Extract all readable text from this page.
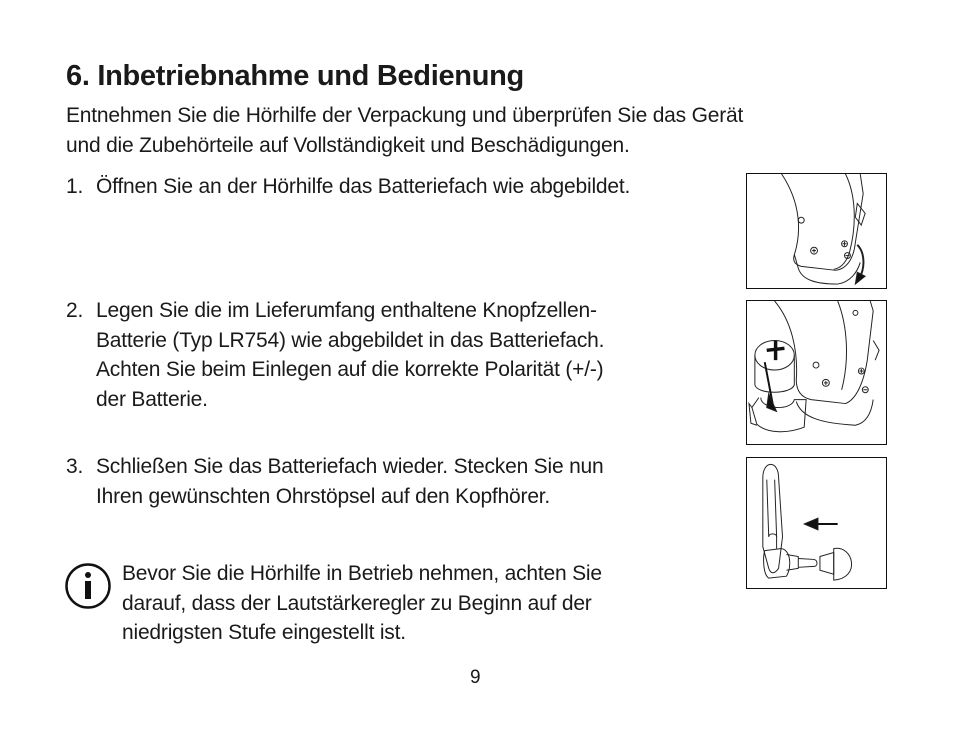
6. Inbetriebnahme und Bedienung
Entnehmen Sie die Hörhilfe der Verpackung und überprüfen Sie das Gerät
und die Zubehörteile auf Vollständigkeit und Beschädigungen.
1. Öffnen Sie an der Hörhilfe das Batteriefach wie abgebildet.
2. Legen Sie die im Lieferumfang enthaltene Knopfzellen-
Batterie (Typ LR754) wie abgebildet in das Batteriefach.
Achten Sie beim Einlegen auf die korrekte Polarität (+/-)
der Batterie.
3. Schließen Sie das Batteriefach wieder. Stecken Sie nun
Ihren gewünschten Ohrstöpsel auf den Kopfhörer.
Bevor Sie die Hörhilfe in Betrieb nehmen, achten Sie
darauf, dass der Lautstärkeregler zu Beginn auf der
niedrigsten Stufe eingestellt ist.
9
